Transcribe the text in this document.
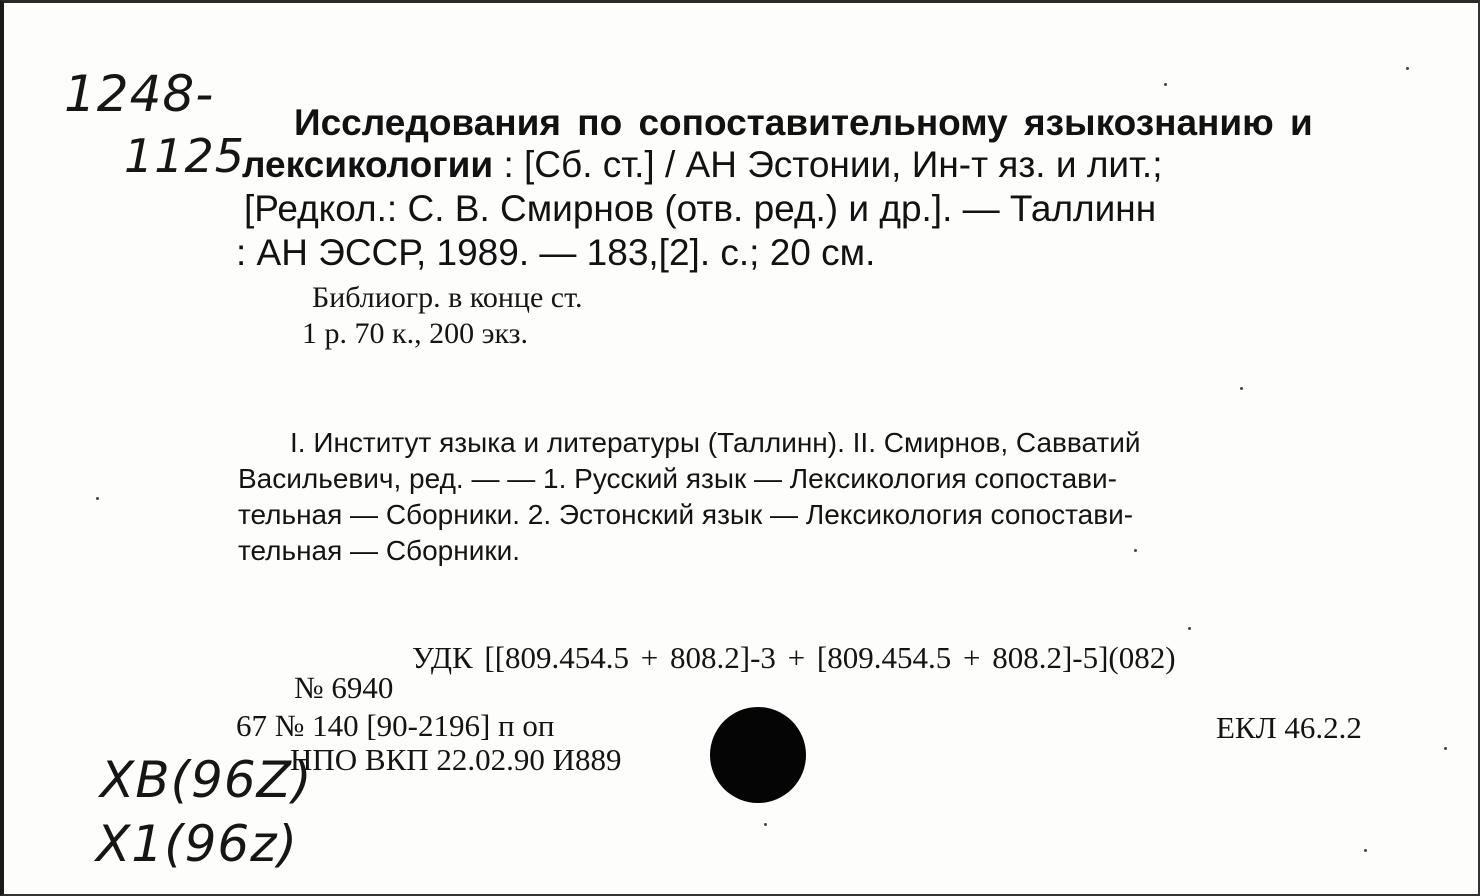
1248-
1125
Исследования по сопоставительному языкознанию и
лексикологии : [Сб. ст.] / АН Эстонии, Ин-т яз. и лит.;
[Редкол.: С. В. Смирнов (отв. ред.) и др.]. — Таллинн
: АН ЭССР, 1989. — 183,[2]. с.; 20 см.
Библиогр. в конце ст.
1 р. 70 к., 200 экз.
I. Институт языка и литературы (Таллинн). II. Смирнов, Савватий
Васильевич, ред. — — 1. Русский язык — Лексикология сопостави-
тельная — Сборники. 2. Эстонский язык — Лексикология сопостави-
тельная — Сборники.
УДК [[809.454.5 + 808.2]-3 + [809.454.5 + 808.2]-5](082)
№ 6940
67 № 140 [90-2196] п оп
НПО ВКП 22.02.90 И889
ЕКЛ 46.2.2
XB(96Z)
X1(96z)
